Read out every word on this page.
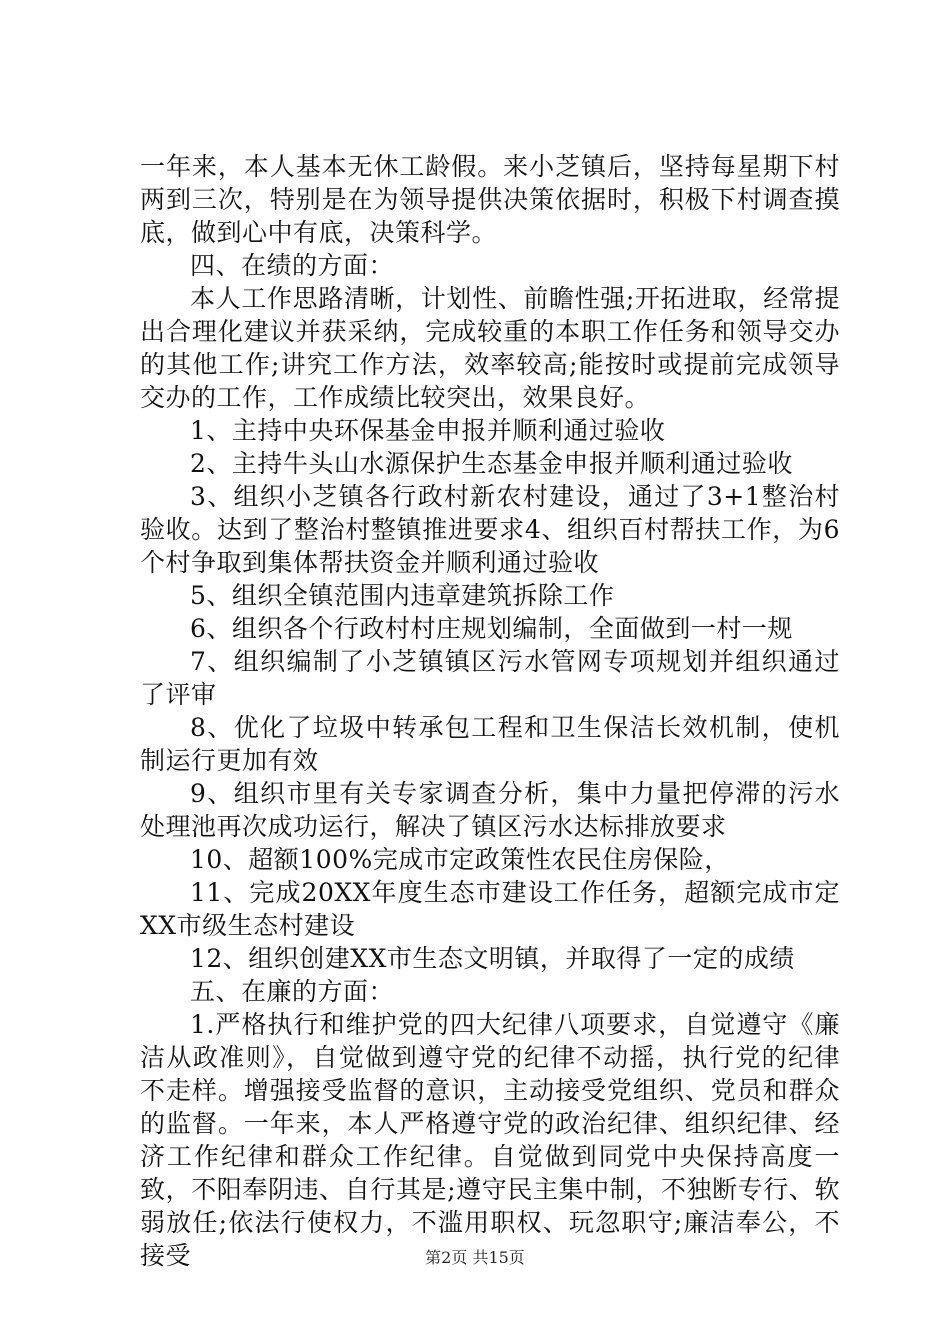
一年来，本人基本无休工龄假。来小芝镇后，坚持每星期下村两到三次，特别是在为领导提供决策依据时，积极下村调查摸底，做到心中有底，决策科学。

四、在绩的方面：

本人工作思路清晰，计划性、前瞻性强;开拓进取，经常提出合理化建议并获采纳，完成较重的本职工作任务和领导交办的其他工作;讲究工作方法，效率较高;能按时或提前完成领导交办的工作，工作成绩比较突出，效果良好。

1、主持中央环保基金申报并顺利通过验收

2、主持牛头山水源保护生态基金申报并顺利通过验收

3、组织小芝镇各行政村新农村建设，通过了3+1整治村验收。达到了整治村整镇推进要求4、组织百村帮扶工作，为6个村争取到集体帮扶资金并顺利通过验收

5、组织全镇范围内违章建筑拆除工作

6、组织各个行政村村庄规划编制，全面做到一村一规

7、组织编制了小芝镇镇区污水管网专项规划并组织通过了评审

8、优化了垃圾中转承包工程和卫生保洁长效机制，使机制运行更加有效

9、组织市里有关专家调查分析，集中力量把停滞的污水处理池再次成功运行，解决了镇区污水达标排放要求

10、超额100%完成市定政策性农民住房保险，

11、完成20XX年度生态市建设工作任务，超额完成市定XX市级生态村建设

12、组织创建XX市生态文明镇，并取得了一定的成绩

五、在廉的方面：

1.严格执行和维护党的四大纪律八项要求，自觉遵守《廉洁从政准则》，自觉做到遵守党的纪律不动摇，执行党的纪律不走样。增强接受监督的意识，主动接受党组织、党员和群众的监督。一年来，本人严格遵守党的政治纪律、组织纪律、经济工作纪律和群众工作纪律。自觉做到同党中央保持高度一致，不阳奉阴违、自行其是;遵守民主集中制，不独断专行、软弱放任;依法行使权力，不滥用职权、玩忽职守;廉洁奉公，不接受	第2页 共15页
